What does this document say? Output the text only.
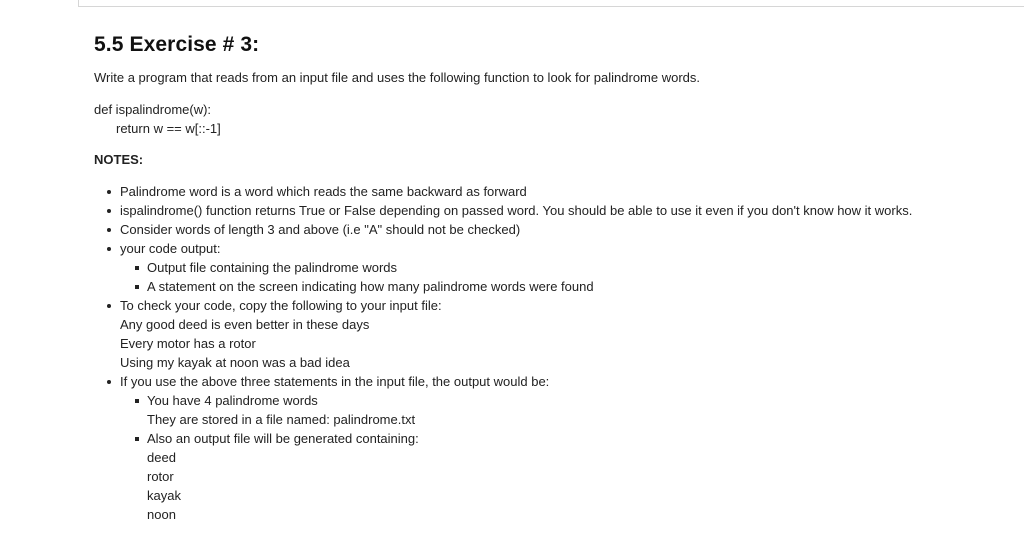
5.5 Exercise # 3:

Write a program that reads from an input file and uses the following function to look for palindrome words.

def ispalindrome(w):
return w == w[::-1]
NOTES:
Palindrome word is a word which reads the same backward as forward
ispalindrome() function returns True or False depending on passed word. You should be able to use it even if you don't know how it works.
Consider words of length 3 and above (i.e "A" should not be checked)
your code output:
Output file containing the palindrome words
A statement on the screen indicating how many palindrome words were found
To check your code, copy the following to your input file:
Any good deed is even better in these days
Every motor has a rotor
Using my kayak at noon was a bad idea
If you use the above three statements in the input file, the output would be:
You have 4 palindrome words
They are stored in a file named: palindrome.txt
Also an output file will be generated containing:
deed
rotor
kayak
noon
